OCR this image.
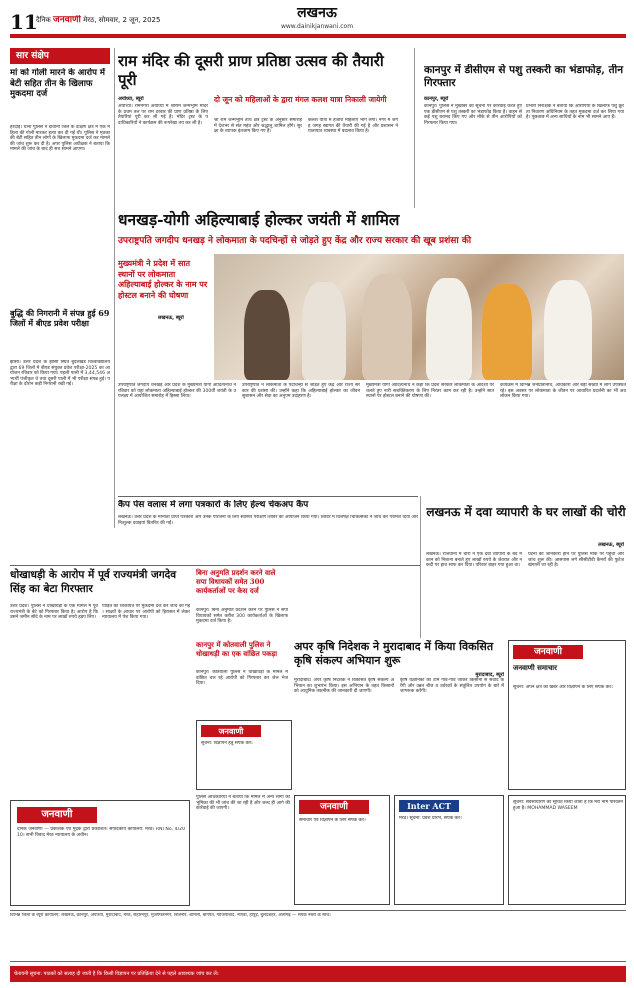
11
दैनिक जनवाणी मेरठ, सोमवार, 2 जून, 2025	लखनऊ
www.dainikjanwani.com
सार संक्षेप
मां को गोली मारने के आरोप में बेटी सहित तीन के खिलाफ मुकदमा दर्ज
हरदोई। थाना पुलिस ने दीवानी जिले के दक्षिण क्षेत्र में एक महिला की गोली मारकर हत्या कर दी गई थी। पुलिस ने मृतका की बेटी सहित तीन लोगों के खिलाफ मुकदमा दर्ज कर मामले की जांच शुरू कर दी है। अपर पुलिस अधीक्षक ने बताया कि मामले की जांच के बाद ही सच सामने आएगा।
बुद्धि की निगरानी में संपन्न हुई 69 जिलों में बीएड प्रवेश परीक्षा
झांसी। उत्तर प्रदेश के झांसी स्थित बुंदेलखंड विश्वविद्यालय द्वारा 69 जिलों में बीएड संयुक्त प्रवेश परीक्षा-2025 का आयोजन रविवार को किया गया। पहली पाली में 3,44,546 अभ्यर्थी पंजीकृत थे तथा दूसरी पाली में भी परीक्षा संपन्न हुई। परीक्षा के दौरान कड़ी निगरानी रखी गई।
राम मंदिर की दूसरी प्राण प्रतिष्ठा उत्सव की तैयारी पूरी
अयोध्या, ब्यूरो
अयोध्या। रामनगरी अयोध्या में श्रीराम जन्मभूमि मंदिर के प्रथम तल पर राम दरबार की प्राण प्रतिष्ठा के लिए तैयारियां पूरी कर ली गई हैं। मंदिर ट्रस्ट के पदाधिकारियों ने कार्यक्रम की रूपरेखा तय कर ली है।
दो जून को महिलाओं के द्वारा मंगल कलश यात्रा निकाली जायेगी
श्री राम जन्मभूमि तीर्थ क्षेत्र ट्रस्ट के अनुसार समारोह में देशभर से संत महंत और श्रद्धालु शामिल होंगे। सुरक्षा के व्यापक इंतजाम किए गए हैं।
कलश यात्रा में हजारों महिलाएं भाग लेंगी। नगर में जगह जगह स्वागत की तैयारी की गई है और प्रशासन ने यातायात व्यवस्था में बदलाव किया है।
कानपुर में डीसीएम से पशु तस्करी का भंडाफोड़, तीन गिरफ्तार
कानपुर, ब्यूरो
कानपुर। पुलिस ने मुखबिर की सूचना पर कार्रवाई करते हुए एक डीसीएम से पशु तस्करी का भंडाफोड़ किया है। वाहन से कई पशु बरामद किए गए और मौके से तीन आरोपियों को गिरफ्तार किया गया।
प्रभारी निरीक्षक ने बताया कि आरोपियों के खिलाफ पशु क्रूरता निवारण अधिनियम के तहत मुकदमा दर्ज कर लिया गया है। पूछताछ में अन्य साथियों के नाम भी सामने आए हैं।
धनखड़-योगी अहिल्याबाई होल्कर जयंती में शामिल
उपराष्ट्रपति जगदीप धनखड़ ने लोकमाता के पदचिन्हों से जोड़ते हुए केंद्र और राज्य सरकार की खूब प्रशंसा की
मुख्यमंत्री ने प्रदेश में सात स्थानों पर लोकमाता अहिल्याबाई होल्कर के नाम पर होस्टल बनाने की घोषणा
लखनऊ, ब्यूरो
उपराष्ट्रपति जगदीप धनखड़ और प्रदेश के मुख्यमंत्री योगी आदित्यनाथ ने रविवार को यहां लोकमाता अहिल्याबाई होल्कर की 300वीं जयंती के उपलक्ष्य में आयोजित समारोह में हिस्सा लिया।
उपराष्ट्रपति ने लोकमाता के पदचिन्हों से जोड़ते हुए केंद्र और राज्य सरकार की प्रशंसा की। उन्होंने कहा कि अहिल्याबाई होल्कर का जीवन सुशासन और सेवा का अनुपम उदाहरण है।
मुख्यमंत्री योगी आदित्यनाथ ने कहा कि प्रदेश सरकार लोकमाता के आदर्शों पर चलते हुए नारी सशक्तिकरण के लिए निरंतर काम कर रही है। उन्होंने सात स्थानों पर होस्टल बनाने की घोषणा की।
कार्यक्रम में विभिन्न जनप्रतिनिधि, अधिकारी और बड़ी संख्या में लोग उपस्थित रहे। इस अवसर पर लोकमाता के जीवन पर आधारित प्रदर्शनी का भी अवलोकन किया गया।
कैंप पेस वलास में लगा पत्रकारों के लिए हेल्थ चेकअप कैंप
लखनऊ। उत्तर प्रदेश के मान्यता प्राप्त पत्रकारों और उनके परिजनों के लिए स्वास्थ्य परीक्षण शिविर का आयोजन किया गया। शिविर में विशेषज्ञ चिकित्सकों ने जांच कर परामर्श दिया और निःशुल्क दवाइयां वितरित की गईं।
लखनऊ में दवा व्यापारी के घर लाखों की चोरी
लखनऊ, ब्यूरो
लखनऊ। राजधानी में चोरों ने एक दवा व्यापारी के बंद मकान को निशाना बनाते हुए लाखों रुपये के जेवरात और नकदी पर हाथ साफ कर दिया। परिवार बाहर गया हुआ था।
घटना की जानकारी होने पर पुलिस मौके पर पहुंची और जांच शुरू की। आसपास लगे सीसीटीवी कैमरों की फुटेज खंगाली जा रही है।
धोखाधड़ी के आरोप में पूर्व राज्यमंत्री जगदेव सिंह का बेटा गिरफ्तार
उत्तर प्रदेश। पुलिस ने धोखाधड़ी के एक मामले में पूर्व राज्यमंत्री के बेटे को गिरफ्तार किया है। आरोप है कि उसने जमीन सौदे के नाम पर लाखों रुपये हड़प लिए।
पीड़ित की शिकायत पर मुकदमा दर्ज कर जांच की गई। साक्ष्यों के आधार पर आरोपी को हिरासत में लेकर न्यायालय में पेश किया गया।
बिना अनुमति प्रदर्शन करने वाले सपा विधायकों समेत 300 कार्यकर्ताओं पर केस दर्ज
कानपुर। बिना अनुमति प्रदर्शन करने पर पुलिस ने सपा विधायकों समेत करीब 300 कार्यकर्ताओं के खिलाफ मुकदमा दर्ज किया है।
कानपुर में कोतवाली पुलिस ने धोखाधड़ी का एक वांछित पकड़ा
कानपुर। कोतवाली पुलिस ने धोखाधड़ी के मामले में वांछित चल रहे आरोपी को गिरफ्तार कर जेल भेज दिया।
अपर कृषि निदेशक ने मुरादाबाद में किया विकसित कृषि संकल्प अभियान शुरू
मुरादाबाद, ब्यूरो
मुरादाबाद। अपर कृषि निदेशक ने विकसित कृषि संकल्प अभियान का शुभारंभ किया। इस अभियान के तहत किसानों को आधुनिक तकनीक की जानकारी दी जाएगी।
कृषि वैज्ञानिकों की टीमें गांव-गांव जाकर किसानों से संवाद करेंगी और उन्नत बीज व उर्वरकों के संतुलित उपयोग के बारे में जागरूक करेंगी।
जनवाणी
जनवाणी समाचार
सूचना: अपने क्षेत्र की खबरें और विज्ञापन के लिए संपर्क करें।
जनवाणी
सूचना: विज्ञापन हेतु संपर्क करें।
Inter ACT
मेरठ। सूचना: प्रवेश प्रारंभ, संपर्क करें।
सूचना: सर्वसाधारण को सूचित किया जाता है कि मेरा नाम परिवर्तन हुआ है। MOHAMMAD WASEEM
जनवाणी
समाचार एवं विज्ञापन के लिए संपर्क करें।
जनवाणी
दैनिक जनवाणी — प्रकाशक एवं मुद्रक द्वारा प्रकाशित। संपादकीय कार्यालय: मेरठ। RNI No. 4/2010। सभी विवाद मेरठ न्यायालय के अधीन।
पुलिस अधिकारियों ने बताया कि मामले में अन्य लोगों की भूमिका की भी जांच की जा रही है और जल्द ही आगे की कार्रवाई की जाएगी।
विभिन्न जिलों के ब्यूरो कार्यालय: लखनऊ, कानपुर, अयोध्या, मुरादाबाद, मेरठ, सहारनपुर, मुजफ्फरनगर, बिजनौर, शामली, बागपत, गाजियाबाद, नोएडा, हापुड़, बुलंदशहर, अलीगढ़ — संपर्क नंबरों के साथ।
चेतावनी सूचना: पाठकों को सलाह दी जाती है कि किसी विज्ञापन पर प्रतिक्रिया देने से पहले आवश्यक जांच कर लें।
